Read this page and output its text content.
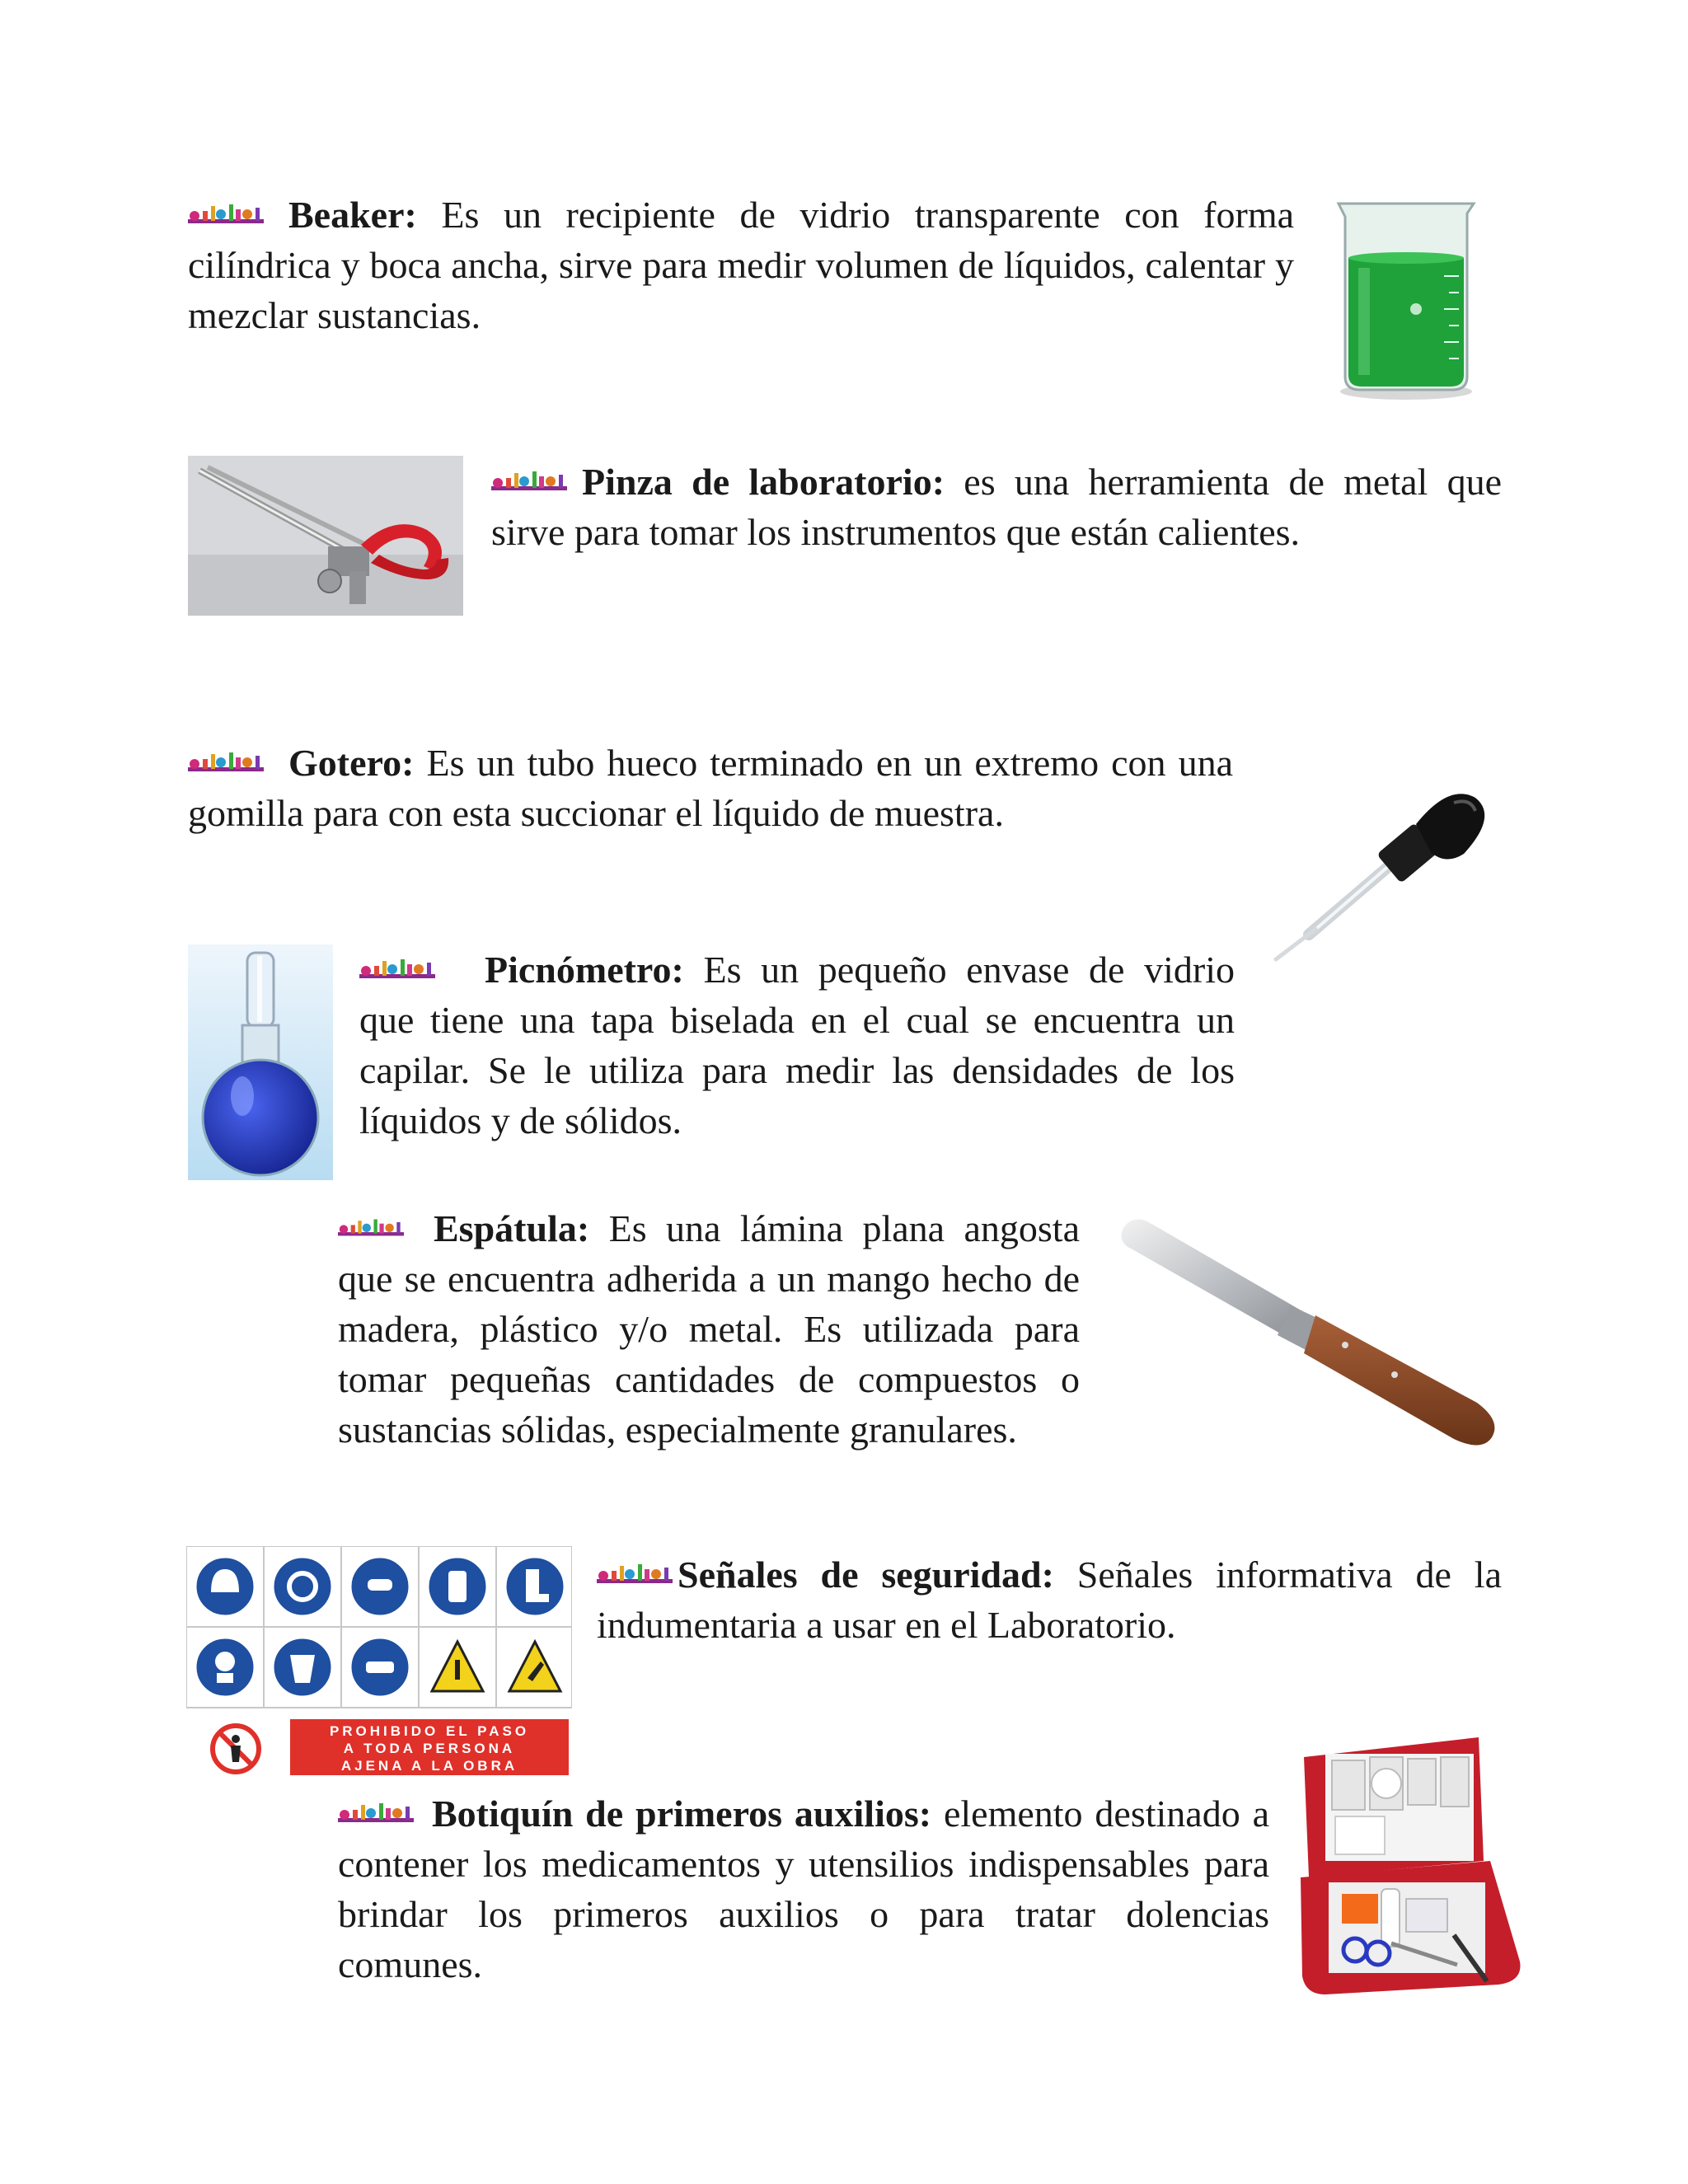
Beaker: Es un recipiente de vidrio transparente con forma cilíndrica y boca ancha, sirve para medir volumen de líquidos, calentar y mezclar sustancias.
Pinza de laboratorio: es una herramienta de metal que sirve para tomar los instrumentos que están calientes.
Gotero: Es un tubo hueco terminado en un extremo con una gomilla para con esta succionar el líquido de muestra.
Picnómetro: Es un pequeño envase de vidrio que tiene una tapa biselada en el cual se encuentra un capilar. Se le utiliza para medir las densidades de los líquidos y de sólidos.
Espátula: Es una lámina plana angosta que se encuentra adherida a un mango hecho de madera, plástico y/o metal. Es utilizada para tomar pequeñas cantidades de compuestos o sustancias sólidas, especialmente granulares.
PROHIBIDO EL PASO
A TODA PERSONA
AJENA A LA OBRA
Señales de seguridad: Señales informativa de la indumentaria a usar en el Laboratorio.
Botiquín de primeros auxilios: elemento destinado a contener los medicamentos y utensilios indispensables para brindar los primeros auxilios o para tratar dolencias comunes.
